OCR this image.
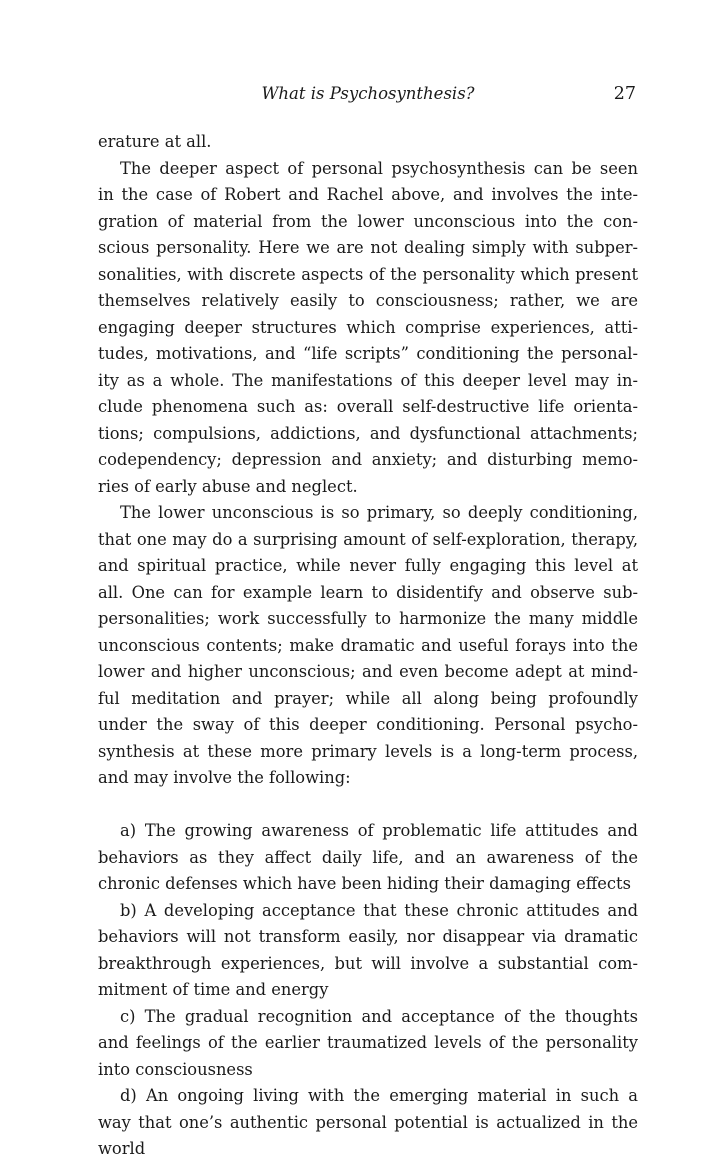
What is Psychosynthesis?	27
erature at all.
The deeper aspect of personal psychosynthesis can be seen
in the case of Robert and Rachel above, and involves the inte-
gration of material from the lower unconscious into the con-
scious personality. Here we are not dealing simply with subper-
sonalities, with discrete aspects of the personality which present
themselves relatively easily to consciousness; rather, we are
engaging deeper structures which comprise experiences, atti-
tudes, motivations, and “life scripts” conditioning the personal-
ity as a whole. The manifestations of this deeper level may in-
clude phenomena such as: overall self-destructive life orienta-
tions; compulsions, addictions, and dysfunctional attachments;
codependency; depression and anxiety; and disturbing memo-
ries of early abuse and neglect.
The lower unconscious is so primary, so deeply conditioning,
that one may do a surprising amount of self-exploration, therapy,
and spiritual practice, while never fully engaging this level at
all. One can for example learn to disidentify and observe sub-
personalities; work successfully to harmonize the many middle
unconscious contents; make dramatic and useful forays into the
lower and higher unconscious; and even become adept at mind-
ful meditation and prayer; while all along being profoundly
under the sway of this deeper conditioning. Personal psycho-
synthesis at these more primary levels is a long-term process,
and may involve the following:
a) The growing awareness of problematic life attitudes and
behaviors as they affect daily life, and an awareness of the
chronic defenses which have been hiding their damaging effects
b) A developing acceptance that these chronic attitudes and
behaviors will not transform easily, nor disappear via dramatic
breakthrough experiences, but will involve a substantial com-
mitment of time and energy
c) The gradual recognition and acceptance of the thoughts
and feelings of the earlier traumatized levels of the personality
into consciousness
d) An ongoing living with the emerging material in such a
way that one’s authentic personal potential is actualized in the
world
